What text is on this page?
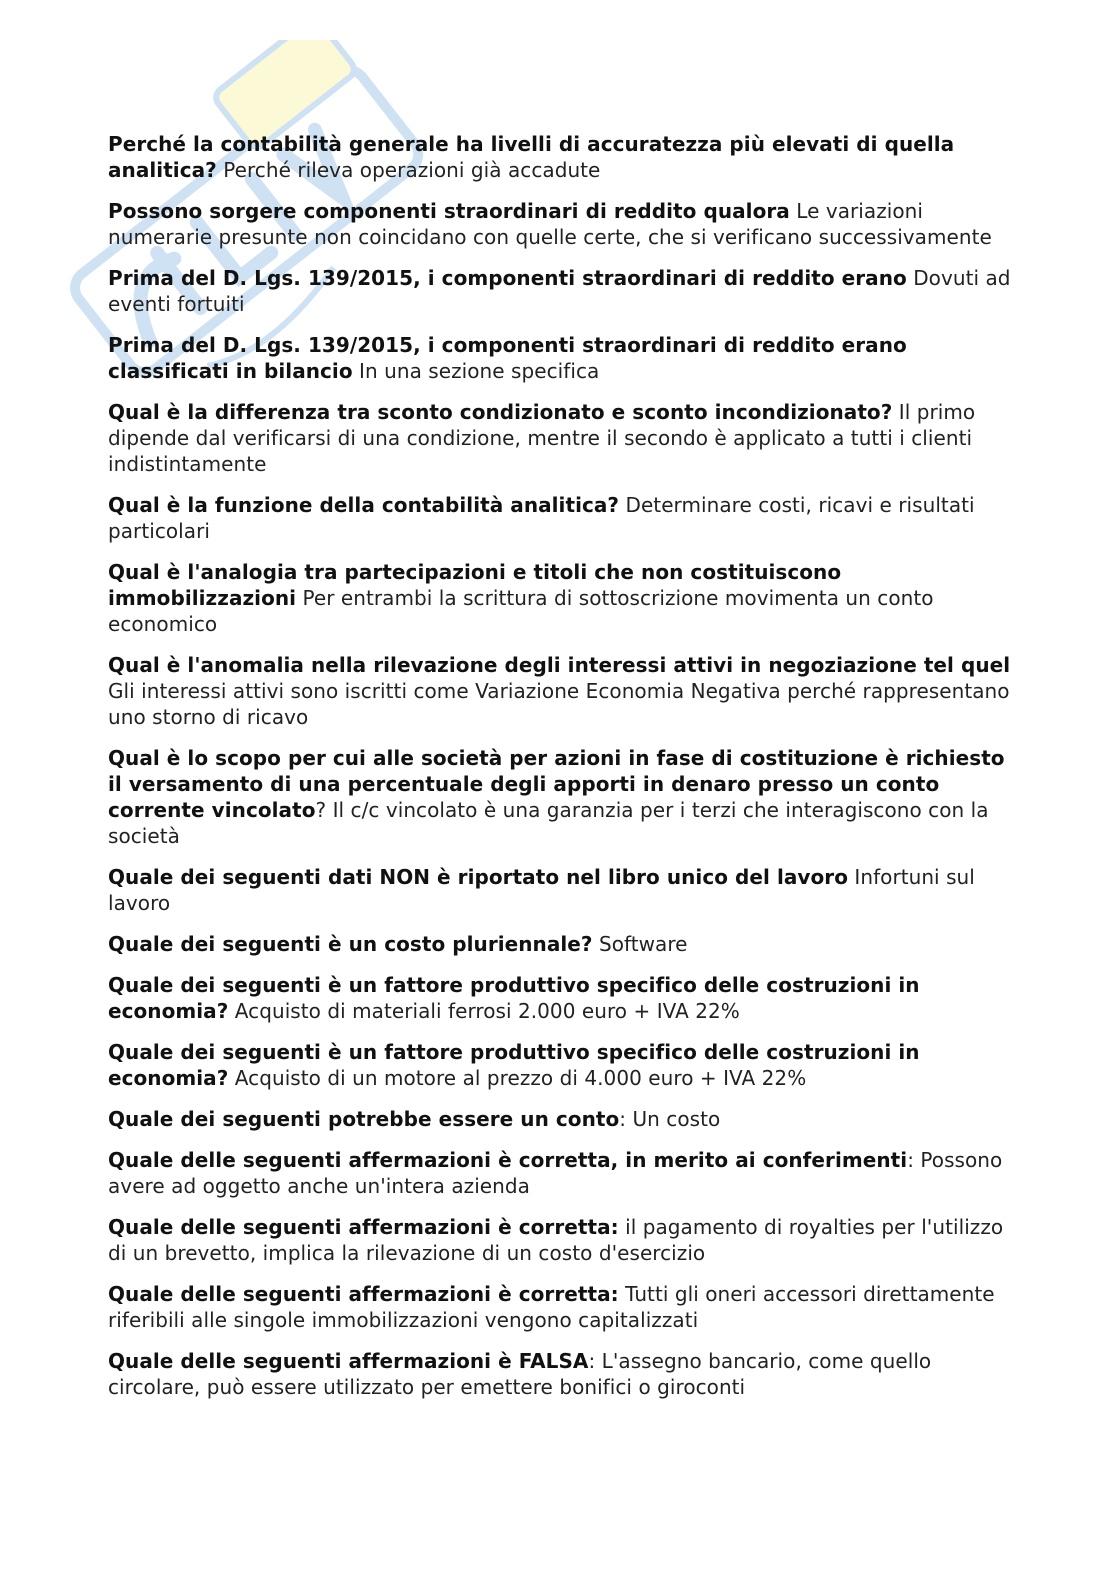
Perché la contabilità generale ha livelli di accuratezza più elevati di quella analitica? Perché rileva operazioni già accadute

Possono sorgere componenti straordinari di reddito qualora Le variazioni numerarie presunte non coincidano con quelle certe, che si verificano successivamente

Prima del D. Lgs. 139/2015, i componenti straordinari di reddito erano Dovuti ad eventi fortuiti

Prima del D. Lgs. 139/2015, i componenti straordinari di reddito erano classificati in bilancio In una sezione specifica

Qual è la differenza tra sconto condizionato e sconto incondizionato? Il primo dipende dal verificarsi di una condizione, mentre il secondo è applicato a tutti i clienti indistintamente

Qual è la funzione della contabilità analitica? Determinare costi, ricavi e risultati particolari

Qual è l'analogia tra partecipazioni e titoli che non costituiscono immobilizzazioni Per entrambi la scrittura di sottoscrizione movimenta un conto economico

Qual è l'anomalia nella rilevazione degli interessi attivi in negoziazione tel quel Gli interessi attivi sono iscritti come Variazione Economia Negativa perché rappresentano uno storno di ricavo

Qual è lo scopo per cui alle società per azioni in fase di costituzione è richiesto il versamento di una percentuale degli apporti in denaro presso un conto corrente vincolato? Il c/c vincolato è una garanzia per i terzi che interagiscono con la società

Quale dei seguenti dati NON è riportato nel libro unico del lavoro Infortuni sul lavoro

Quale dei seguenti è un costo pluriennale? Software

Quale dei seguenti è un fattore produttivo specifico delle costruzioni in economia? Acquisto di materiali ferrosi 2.000 euro + IVA 22%

Quale dei seguenti è un fattore produttivo specifico delle costruzioni in economia? Acquisto di un motore al prezzo di 4.000 euro + IVA 22%

Quale dei seguenti potrebbe essere un conto: Un costo

Quale delle seguenti affermazioni è corretta, in merito ai conferimenti: Possono avere ad oggetto anche un'intera azienda

Quale delle seguenti affermazioni è corretta: il pagamento di royalties per l'utilizzo di un brevetto, implica la rilevazione di un costo d'esercizio

Quale delle seguenti affermazioni è corretta: Tutti gli oneri accessori direttamente riferibili alle singole immobilizzazioni vengono capitalizzati

Quale delle seguenti affermazioni è FALSA: L'assegno bancario, come quello circolare, può essere utilizzato per emettere bonifici o giroconti
